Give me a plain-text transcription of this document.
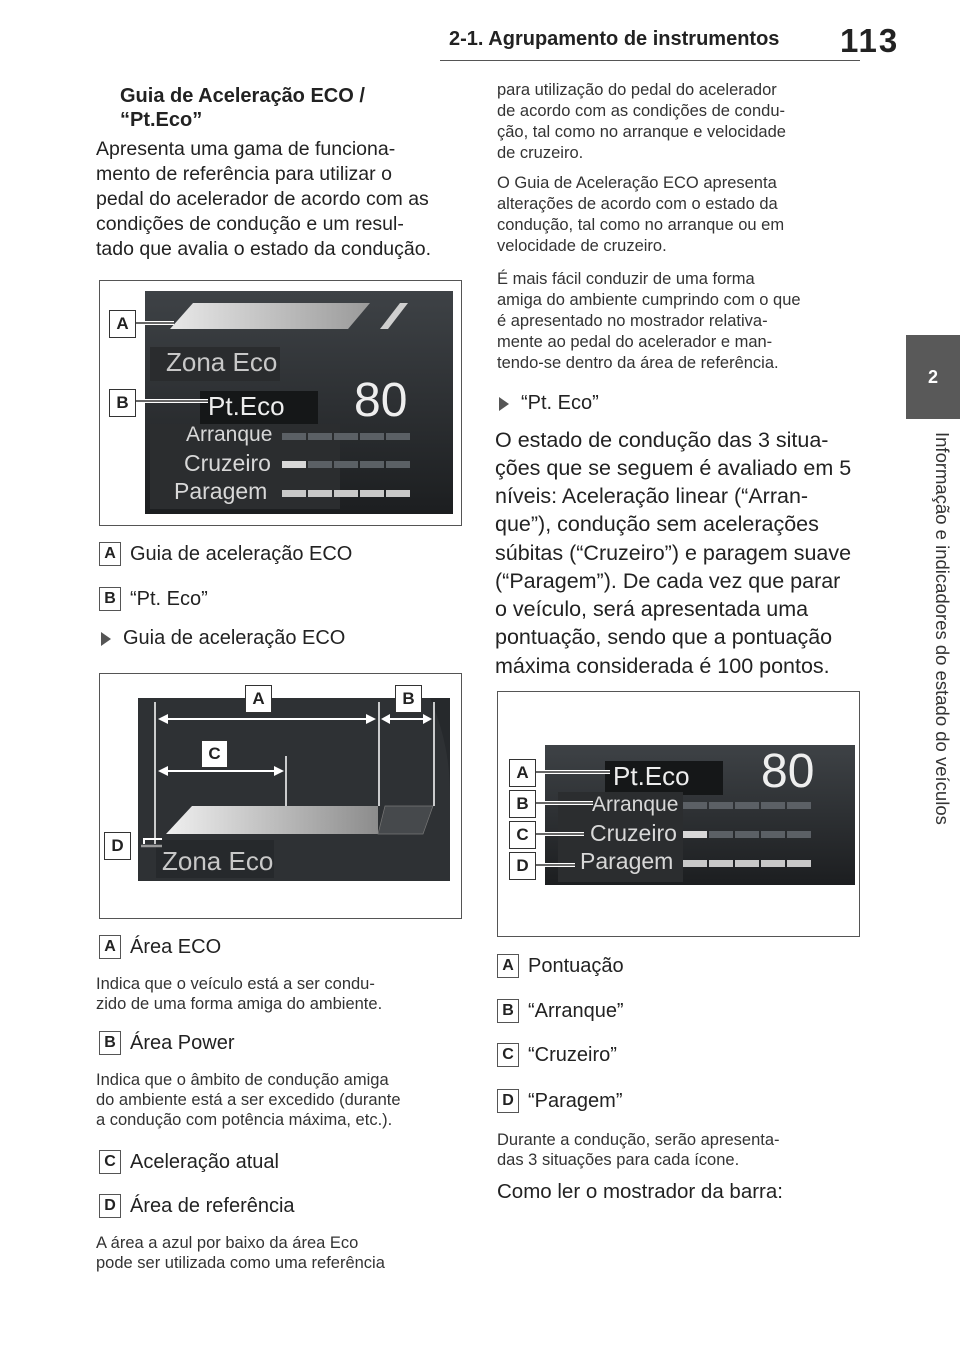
2-1. Agrupamento de instrumentos 113
2
Informação e indicadores do estado do veículos
Guia de Aceleração ECO / “Pt.Eco”
Apresenta uma gama de funciona-
mento de referência para utilizar o
pedal do acelerador de acordo com as
condições de condução e um resul-
tado que avalia o estado da condução.
Zona Eco
Pt.Eco 80
Arranque
Cruzeiro
Paragem
A
B
A Guia de aceleração ECO
B “Pt. Eco”
Guia de aceleração ECO
Zona Eco
A	B
C
D
A Área ECO
Indica que o veículo está a ser condu-
zido de uma forma amiga do ambiente.
B Área Power
Indica que o âmbito de condução amiga
do ambiente está a ser excedido (durante
a condução com potência máxima, etc.).
C Aceleração atual
D Área de referência
A área a azul por baixo da área Eco
pode ser utilizada como uma referência
para utilização do pedal do acelerador
de acordo com as condições de condu-
ção, tal como no arranque e velocidade
de cruzeiro.
O Guia de Aceleração ECO apresenta
alterações de acordo com o estado da
condução, tal como no arranque ou em
velocidade de cruzeiro.
É mais fácil conduzir de uma forma
amiga do ambiente cumprindo com o que
é apresentado no mostrador relativa-
mente ao pedal do acelerador e man-
tendo-se dentro da área de referência.
“Pt. Eco”
O estado de condução das 3 situa-
ções que se seguem é avaliado em 5
níveis: Aceleração linear (“Arran-
que”), condução sem acelerações
súbitas (“Cruzeiro”) e paragem suave
(“Paragem”). De cada vez que parar
o veículo, será apresentada uma
pontuação, sendo que a pontuação
máxima considerada é 100 pontos.
Pt.Eco 80
Arranque
Cruzeiro
Paragem
A
B
C
D
A Pontuação
B “Arranque”
C “Cruzeiro”
D “Paragem”
Durante a condução, serão apresenta-
das 3 situações para cada ícone.
Como ler o mostrador da barra:
